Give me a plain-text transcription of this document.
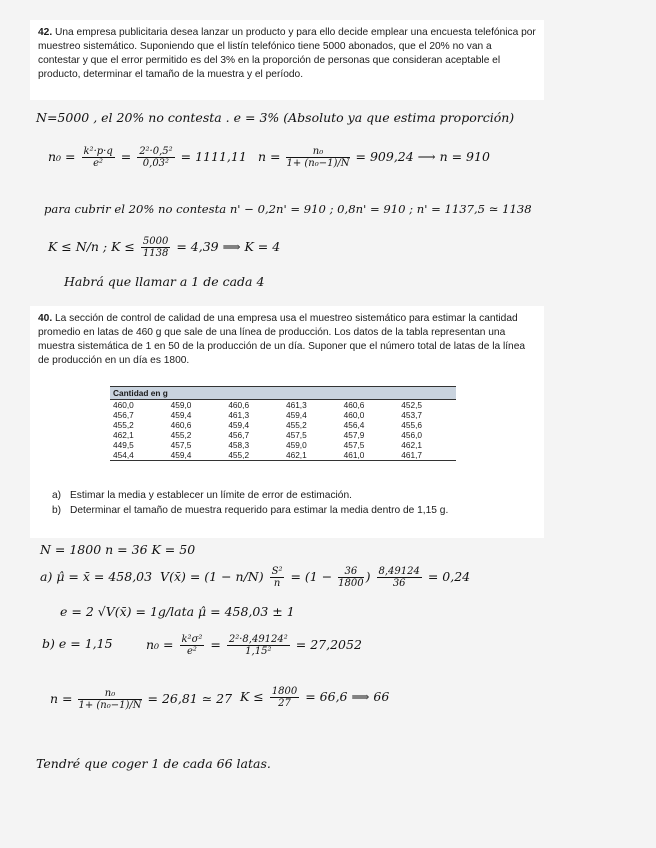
42. Una empresa publicitaria desea lanzar un producto y para ello decide emplear una encuesta telefónica por muestreo sistemático. Suponiendo que el listín telefónico tiene 5000 abonados, que el 20% no van a contestar y que el error permitido es del 3% en la proporción de personas que consideran aceptable el producto, determinar el tamaño de la muestra y el período.

N=5000 , el 20% no contesta . e = 3% (Absoluto ya que estima proporción)
$n_0 = \frac{\text{k²·p·q}}{\text{e²}} = \frac{\text{2²·0,5²}}{\text{0,03²}} = 1111,11$ $n = \frac{\text{n₀}}{\text{1+ (n₀−1)/N}} = 909,24$ ⟶ n = 910
para cubrir el 20% no contesta n' − 0,2n' = 910 ; 0,8n' = 910 ; n' = 1137,5 ≃ 1138
K ≤ N/n ; $K \le \frac{5000}{1138} = 4,39$ ⟹ K = 4
Habrá que llamar a 1 de cada 4

40. La sección de control de calidad de una empresa usa el muestreo sistemático para estimar la cantidad promedio en latas de 460 g que sale de una línea de producción. Los datos de la tabla representan una muestra sistemática de 1 en 50 de la producción de un día. Suponer que el número total de latas de la línea de producción en un día es 1800.

Cantidad en g					
460,0	459,0	460,6	461,3	460,6	452,5
456,7	459,4	461,3	459,4	460,0	453,7
455,2	460,6	459,4	455,2	456,4	455,6
462,1	455,2	456,7	457,5	457,9	456,0
449,5	457,5	458,3	459,0	457,5	462,1
454,4	459,4	455,2	462,1	461,0	461,7
a) Estimar la media y establecer un límite de error de estimación.
b) Determinar el tamaño de muestra requerido para estimar la media dentro de 1,15 g.
N = 1800 n = 36 K = 50
a) μ̂ = x̄ = 458,03 V(x̄) = $(1 - n/N) \frac{\text{S²}}{n} = (1 - \frac{36}{1800}$ ) $\frac{8,49124}{36} = 0,24$
e = 2 √V(x̄) = 1g/lata μ̂ = 458,03 ± 1
b) e = 1,15	$n_0 = \frac{\text{k²σ²}}{\text{e²}} = \frac{\text{2²·8,49124²}}{\text{1,15²}} = 27,2052$
$n = \frac{\text{n₀}}{\text{1+ (n₀−1)/N}} = 26,81$ ≃ 27 $K \le \frac{1800}{27} = 66,6$ ⟹ 66
Tendré que coger 1 de cada 66 latas.
